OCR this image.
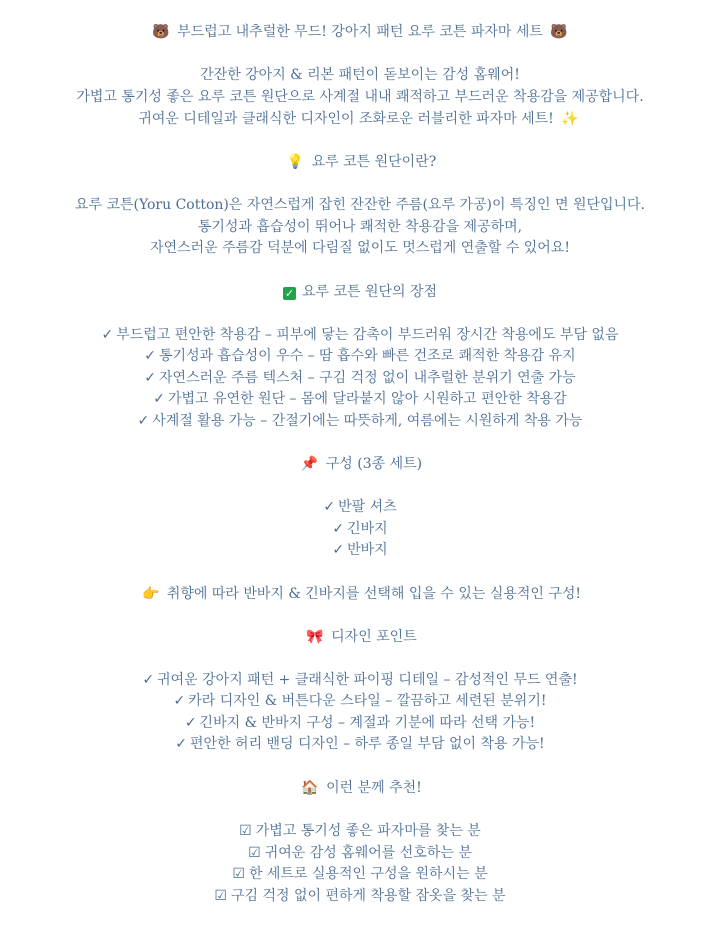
🐻 부드럽고 내추럴한 무드! 강아지 패턴 요루 코튼 파자마 세트 🐻
간잔한 강아지 & 리본 패턴이 돋보이는 감성 홈웨어!
가볍고 통기성 좋은 요루 코튼 원단으로 사계절 내내 쾌적하고 부드러운 착용감을 제공합니다.
귀여운 디테일과 클래식한 디자인이 조화로운 러블리한 파자마 세트! ✨
💡 요루 코튼 원단이란?
요루 코튼(Yoru Cotton)은 자연스럽게 잡힌 잔잔한 주름(요루 가공)이 특징인 면 원단입니다.
통기성과 흡습성이 뛰어나 쾌적한 착용감을 제공하며,
자연스러운 주름감 덕분에 다림질 없이도 멋스럽게 연출할 수 있어요!
✓ 요루 코튼 원단의 장점
✓ 부드럽고 편안한 착용감 – 피부에 닿는 감촉이 부드러워 장시간 착용에도 부담 없음
✓ 통기성과 흡습성이 우수 – 땀 흡수와 빠른 건조로 쾌적한 착용감 유지
✓ 자연스러운 주름 텍스처 – 구김 걱정 없이 내추럴한 분위기 연출 가능
✓ 가볍고 유연한 원단 – 몸에 달라붙지 않아 시원하고 편안한 착용감
✓ 사계절 활용 가능 – 간절기에는 따뜻하게, 여름에는 시원하게 착용 가능
📌 구성 (3종 세트)
✓ 반팔 셔츠
✓ 긴바지
✓ 반바지
👉 취향에 따라 반바지 & 긴바지를 선택해 입을 수 있는 실용적인 구성!
🎀 디자인 포인트
✓ 귀여운 강아지 패턴 + 클래식한 파이핑 디테일 – 감성적인 무드 연출!
✓ 카라 디자인 & 버튼다운 스타일 – 깔끔하고 세련된 분위기!
✓ 긴바지 & 반바지 구성 – 계절과 기분에 따라 선택 가능!
✓ 편안한 허리 밴딩 디자인 – 하루 종일 부담 없이 착용 가능!
🏠 이런 분께 추천!
☑ 가볍고 통기성 좋은 파자마를 찾는 분
☑ 귀여운 감성 홈웨어를 선호하는 분
☑ 한 세트로 실용적인 구성을 원하시는 분
☑ 구김 걱정 없이 편하게 착용할 잠옷을 찾는 분
